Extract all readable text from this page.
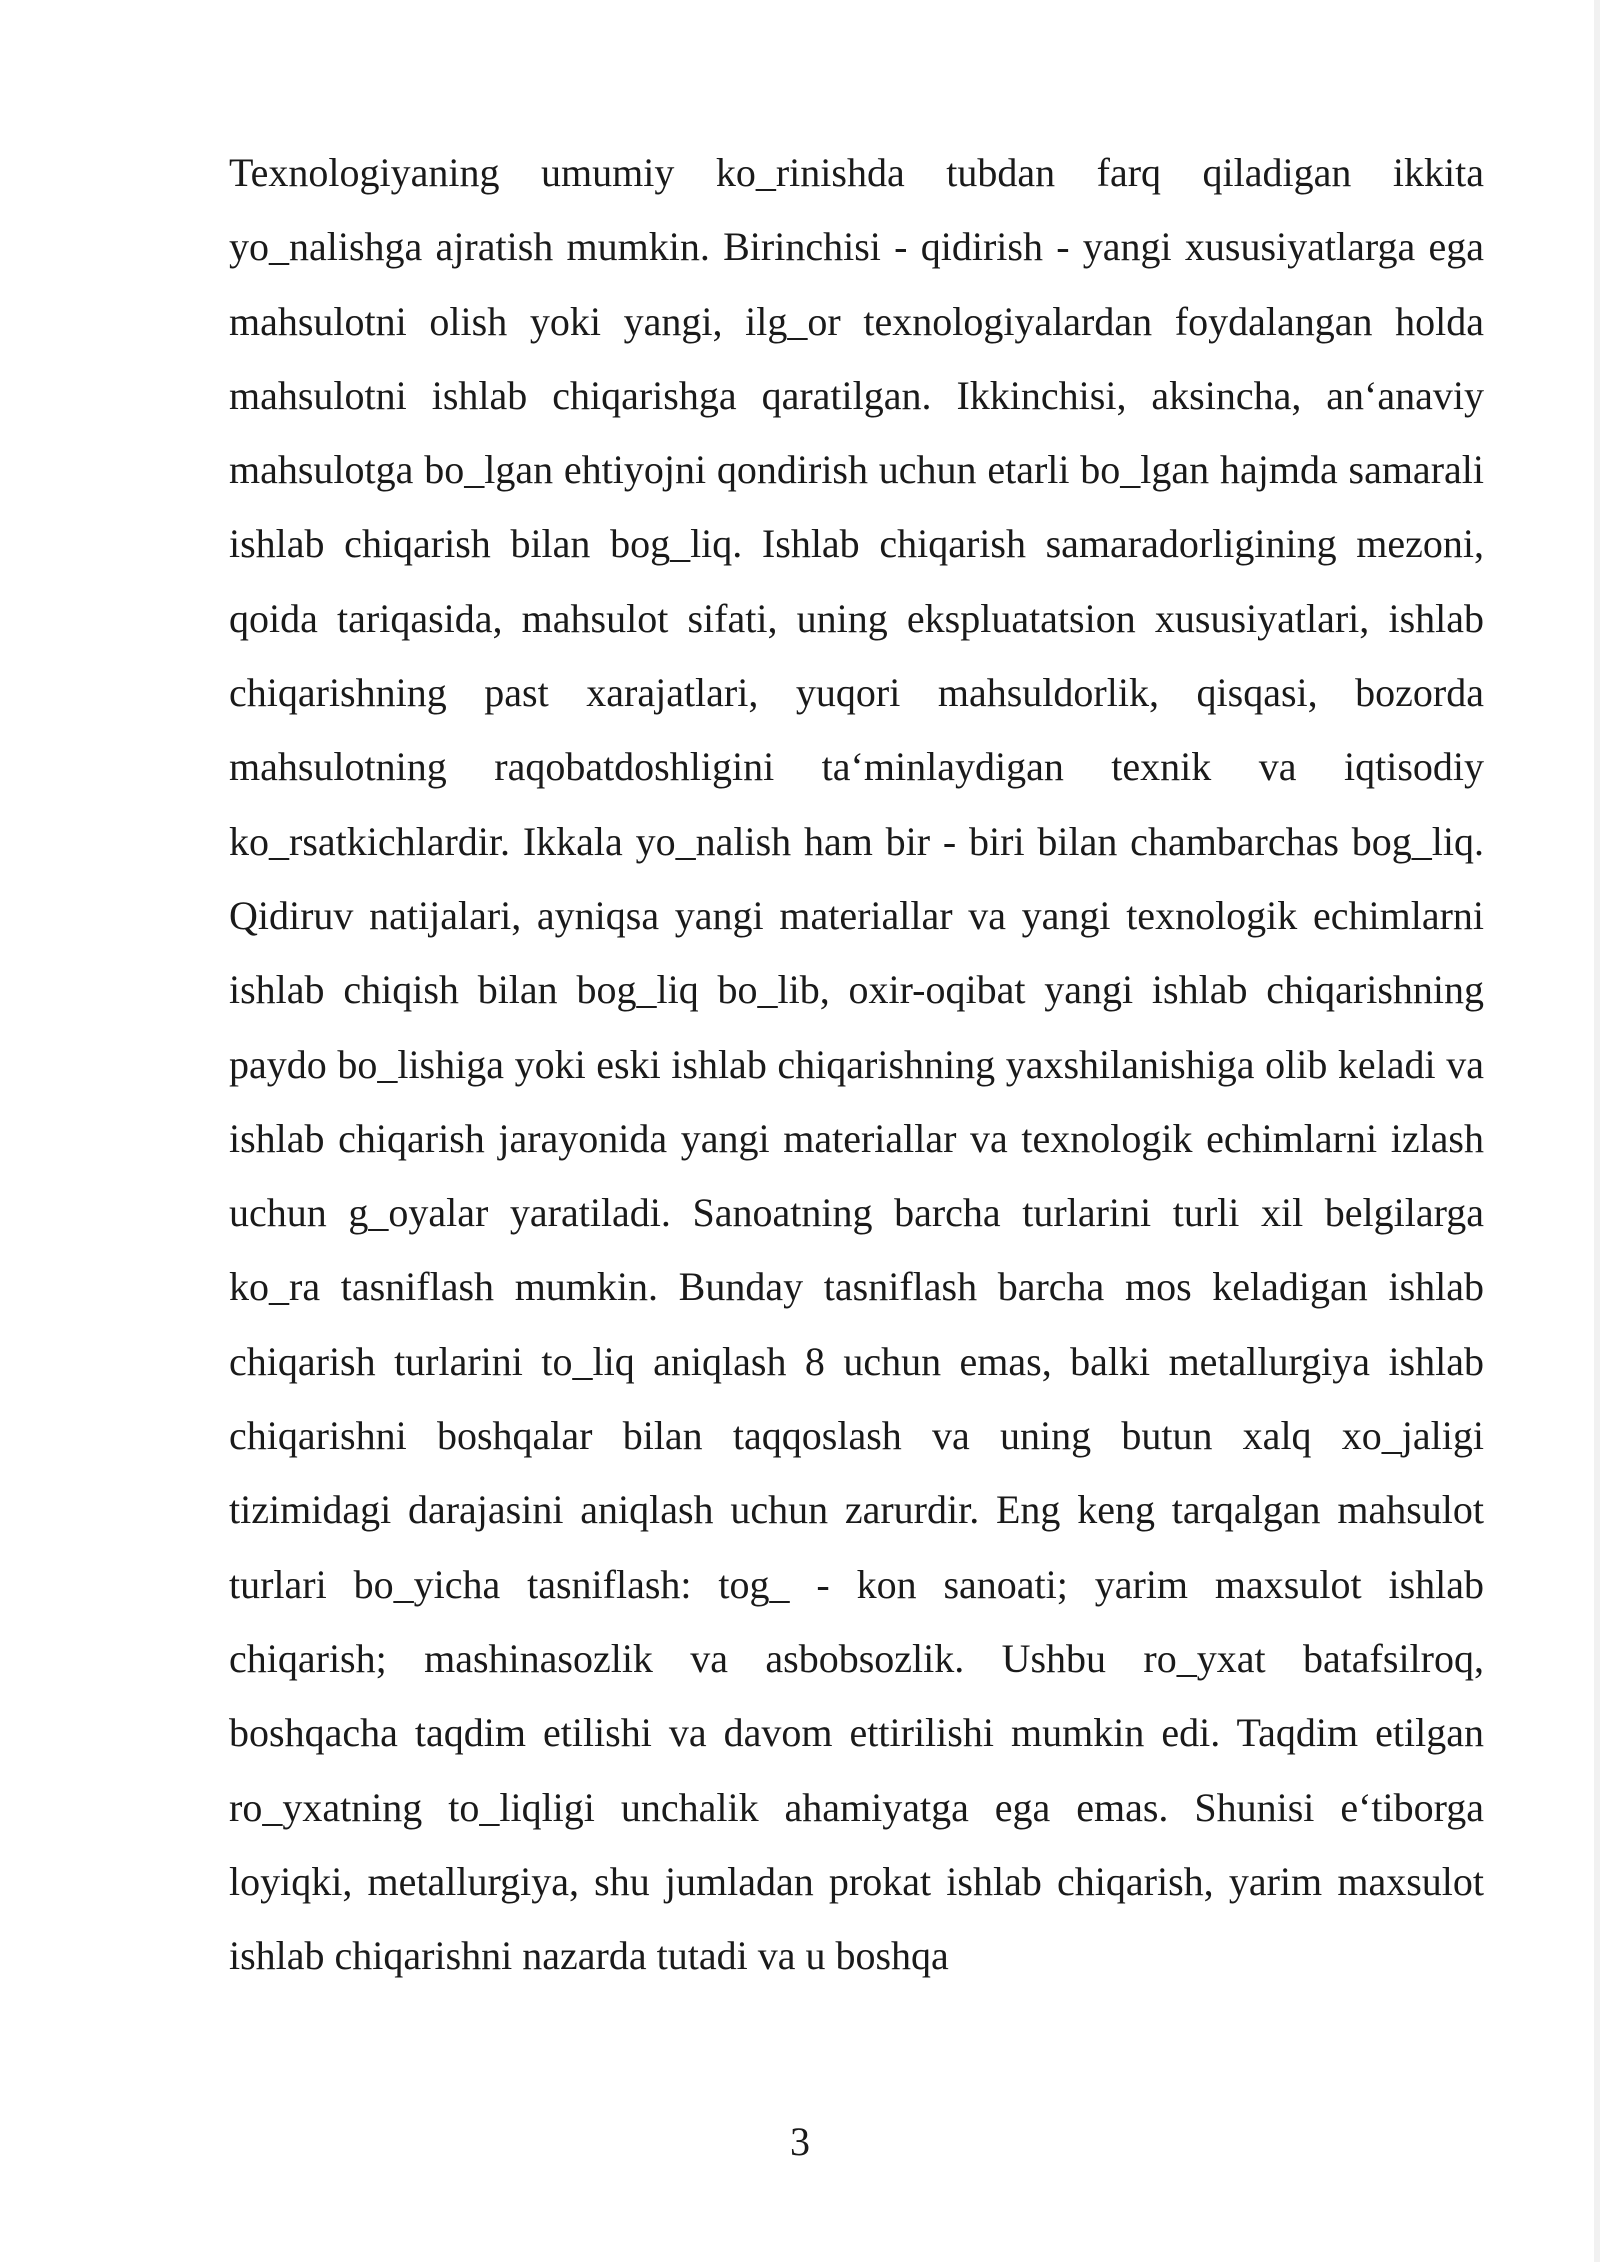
Texnologiyaning umumiy ko_rinishda tubdan farq qiladigan ikkita yo_nalishga ajratish mumkin. Birinchisi - qidirish - yangi xususiyatlarga ega mahsulotni olish yoki yangi, ilg_or texnologiyalardan foydalangan holda mahsulotni ishlab chiqarishga qaratilgan. Ikkinchisi, aksincha, an‘anaviy mahsulotga bo_lgan ehtiyojni qondirish uchun etarli bo_lgan hajmda samarali ishlab chiqarish bilan bog_liq. Ishlab chiqarish samaradorligining mezoni, qoida tariqasida, mahsulot sifati, uning ekspluatatsion xususiyatlari, ishlab chiqarishning past xarajatlari, yuqori mahsuldorlik, qisqasi, bozorda mahsulotning raqobatdoshligini ta‘minlaydigan texnik va iqtisodiy ko_rsatkichlardir. Ikkala yo_nalish ham bir - biri bilan chambarchas bog_liq. Qidiruv natijalari, ayniqsa yangi materiallar va yangi texnologik echimlarni ishlab chiqish bilan bog_liq bo_lib, oxir-oqibat yangi ishlab chiqarishning paydo bo_lishiga yoki eski ishlab chiqarishning yaxshilanishiga olib keladi va ishlab chiqarish jarayonida yangi materiallar va texnologik echimlarni izlash uchun g_oyalar yaratiladi. Sanoatning barcha turlarini turli xil belgilarga ko_ra tasniflash mumkin. Bunday tasniflash barcha mos keladigan ishlab chiqarish turlarini to_liq aniqlash 8 uchun emas, balki metallurgiya ishlab chiqarishni boshqalar bilan taqqoslash va uning butun xalq xo_jaligi tizimidagi darajasini aniqlash uchun zarurdir. Eng keng tarqalgan mahsulot turlari bo_yicha tasniflash: tog_ - kon sanoati; yarim maxsulot ishlab chiqarish; mashinasozlik va asbobsozlik. Ushbu ro_yxat batafsilroq, boshqacha taqdim etilishi va davom ettirilishi mumkin edi. Taqdim etilgan ro_yxatning to_liqligi unchalik ahamiyatga ega emas. Shunisi e‘tiborga loyiqki, metallurgiya, shu jumladan prokat ishlab chiqarish, yarim maxsulot ishlab chiqarishni nazarda tutadi va u boshqa

3
